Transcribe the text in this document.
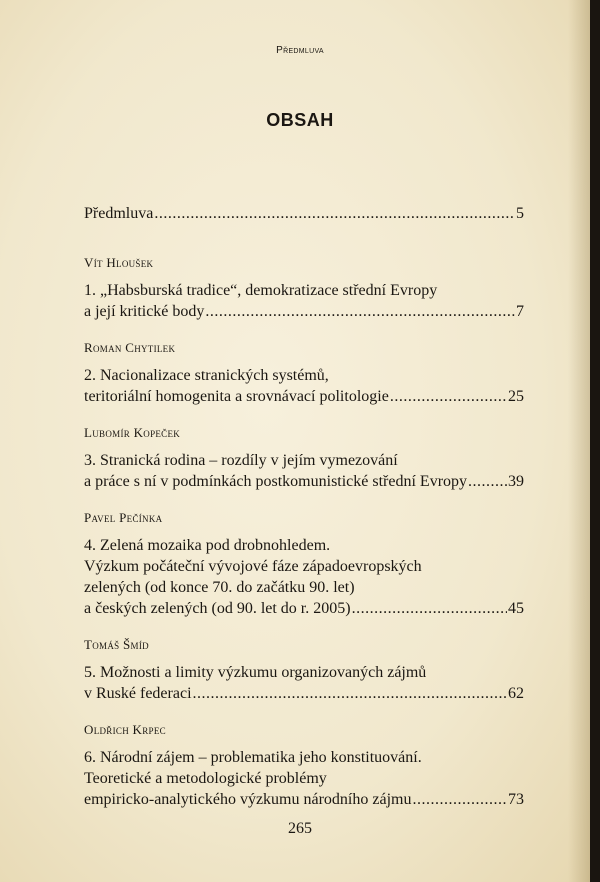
Předmluva
OBSAH
Předmluva .....	5
Vít Hloušek
1. „Habsburská tradice“, demokratizace střední Evropy
a její kritické body .....	7
Roman Chytilek
2. Nacionalizace stranických systémů,
teritoriální homogenita a srovnávací politologie .....	25
Lubomír Kopeček
3. Stranická rodina – rozdíly v jejím vymezování
a práce s ní v podmínkách postkomunistické střední Evropy .....	39
Pavel Pečínka
4. Zelená mozaika pod drobnohledem.
Výzkum počáteční vývojové fáze západoevropských
zelených (od konce 70. do začátku 90. let)
a českých zelených (od 90. let do r. 2005) .....	45
Tomáš Šmíd
5. Možnosti a limity výzkumu organizovaných zájmů
v Ruské federaci .....	62
Oldřich Krpec
6. Národní zájem – problematika jeho konstituování.
Teoretické a metodologické problémy
empiricko-analytického výzkumu národního zájmu .....	73
265
